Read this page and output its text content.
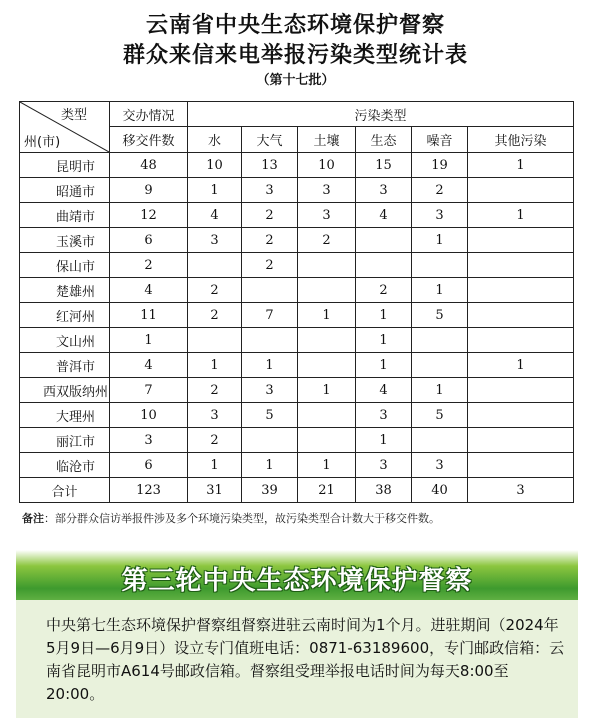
云南省中央生态环境保护督察
群众来信来电举报污染类型统计表
（第十七批）
类型
州(市)	交办情况	污染类型					
	移交件数	水	大气	土壤	生态	噪音	其他污染
昆明市	48	10	13	10	15	19	1
昭通市	9	1	3	3	3	2	
曲靖市	12	4	2	3	4	3	1
玉溪市	6	3	2	2		1	
保山市	2		2				
楚雄州	4	2			2	1	
红河州	11	2	7	1	1	5	
文山州	1				1		
普洱市	4	1	1		1		1
西双版纳州	7	2	3	1	4	1	
大理州	10	3	5		3	5	
丽江市	3	2			1		
临沧市	6	1	1	1	3	3	
合计	123	31	39	21	38	40	3
备注：部分群众信访举报件涉及多个环境污染类型，故污染类型合计数大于移交件数。
第三轮中央生态环境保护督察
中央第七生态环境保护督察组督察进驻云南时间为1个月。进驻期间（2024年5月9日—6月9日）设立专门值班电话：0871-63189600，专门邮政信箱：云南省昆明市A614号邮政信箱。督察组受理举报电话时间为每天8:00至20:00。
